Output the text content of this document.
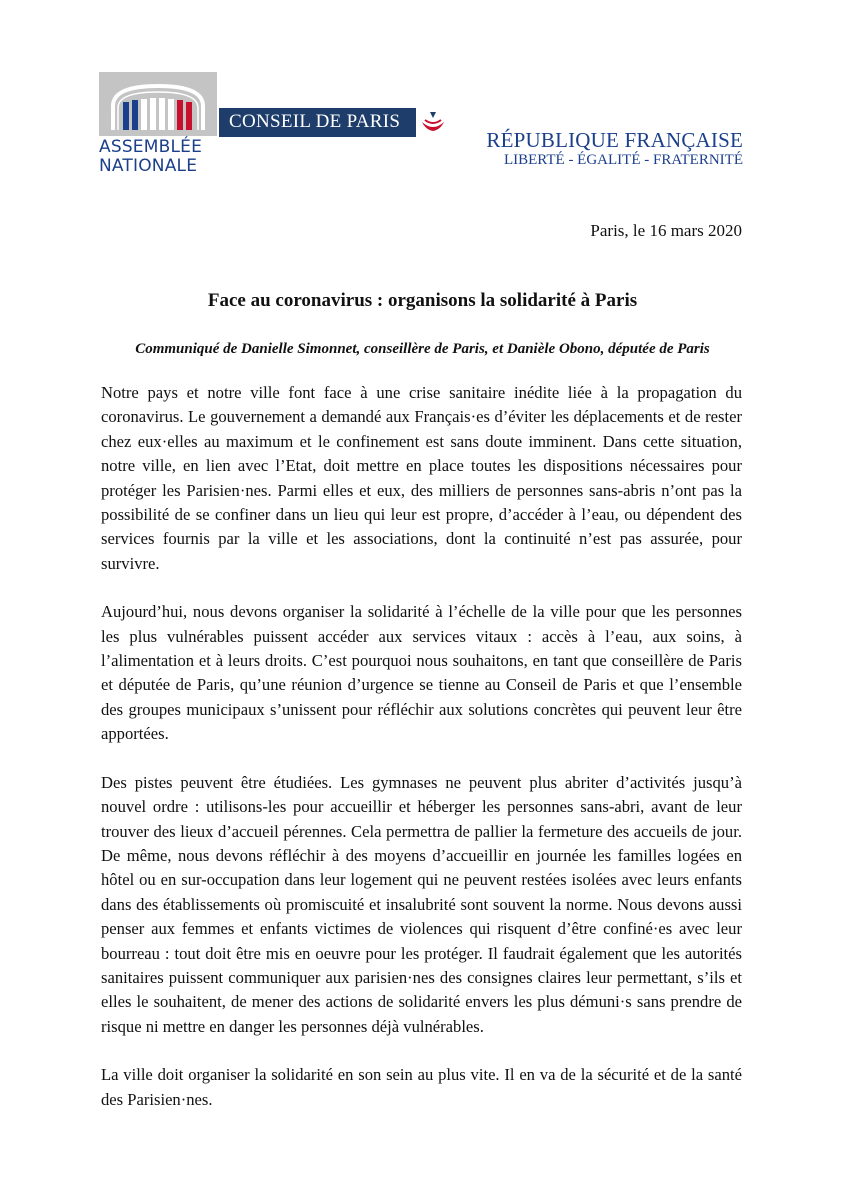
ASSEMBLÉE
NATIONALE
CONSEIL DE PARIS
RÉPUBLIQUE FRANÇAISE
LIBERTÉ - ÉGALITÉ - FRATERNITÉ
Paris, le 16 mars 2020
Face au coronavirus : organisons la solidarité à Paris
Communiqué de Danielle Simonnet, conseillère de Paris, et Danièle Obono, députée de Paris

Notre pays et notre ville font face à une crise sanitaire inédite liée à la propagation du coronavirus. Le gouvernement a demandé aux Français·es d’éviter les déplacements et de rester chez eux·elles au maximum et le confinement est sans doute imminent. Dans cette situation, notre ville, en lien avec l’Etat, doit mettre en place toutes les dispositions nécessaires pour protéger les Parisien·nes. Parmi elles et eux, des milliers de personnes sans-abris n’ont pas la possibilité de se confiner dans un lieu qui leur est propre, d’accéder à l’eau, ou dépendent des services fournis par la ville et les associations, dont la continuité n’est pas assurée, pour survivre.

Aujourd’hui, nous devons organiser la solidarité à l’échelle de la ville pour que les personnes les plus vulnérables puissent accéder aux services vitaux : accès à l’eau, aux soins, à l’alimentation et à leurs droits. C’est pourquoi nous souhaitons, en tant que conseillère de Paris et députée de Paris, qu’une réunion d’urgence se tienne au Conseil de Paris et que l’ensemble des groupes municipaux s’unissent pour réfléchir aux solutions concrètes qui peuvent leur être apportées.

Des pistes peuvent être étudiées. Les gymnases ne peuvent plus abriter d’activités jusqu’à nouvel ordre : utilisons-les pour accueillir et héberger les personnes sans-abri, avant de leur trouver des lieux d’accueil pérennes. Cela permettra de pallier la fermeture des accueils de jour. De même, nous devons réfléchir à des moyens d’accueillir en journée les familles logées en hôtel ou en sur-occupation dans leur logement qui ne peuvent restées isolées avec leurs enfants dans des établissements où promiscuité et insalubrité sont souvent la norme. Nous devons aussi penser aux femmes et enfants victimes de violences qui risquent d’être confiné·es avec leur bourreau : tout doit être mis en oeuvre pour les protéger. Il faudrait également que les autorités sanitaires puissent communiquer aux parisien·nes des consignes claires leur permettant, s’ils et elles le souhaitent, de mener des actions de solidarité envers les plus démuni·s sans prendre de risque ni mettre en danger les personnes déjà vulnérables.

La ville doit organiser la solidarité en son sein au plus vite. Il en va de la sécurité et de la santé des Parisien·nes.
